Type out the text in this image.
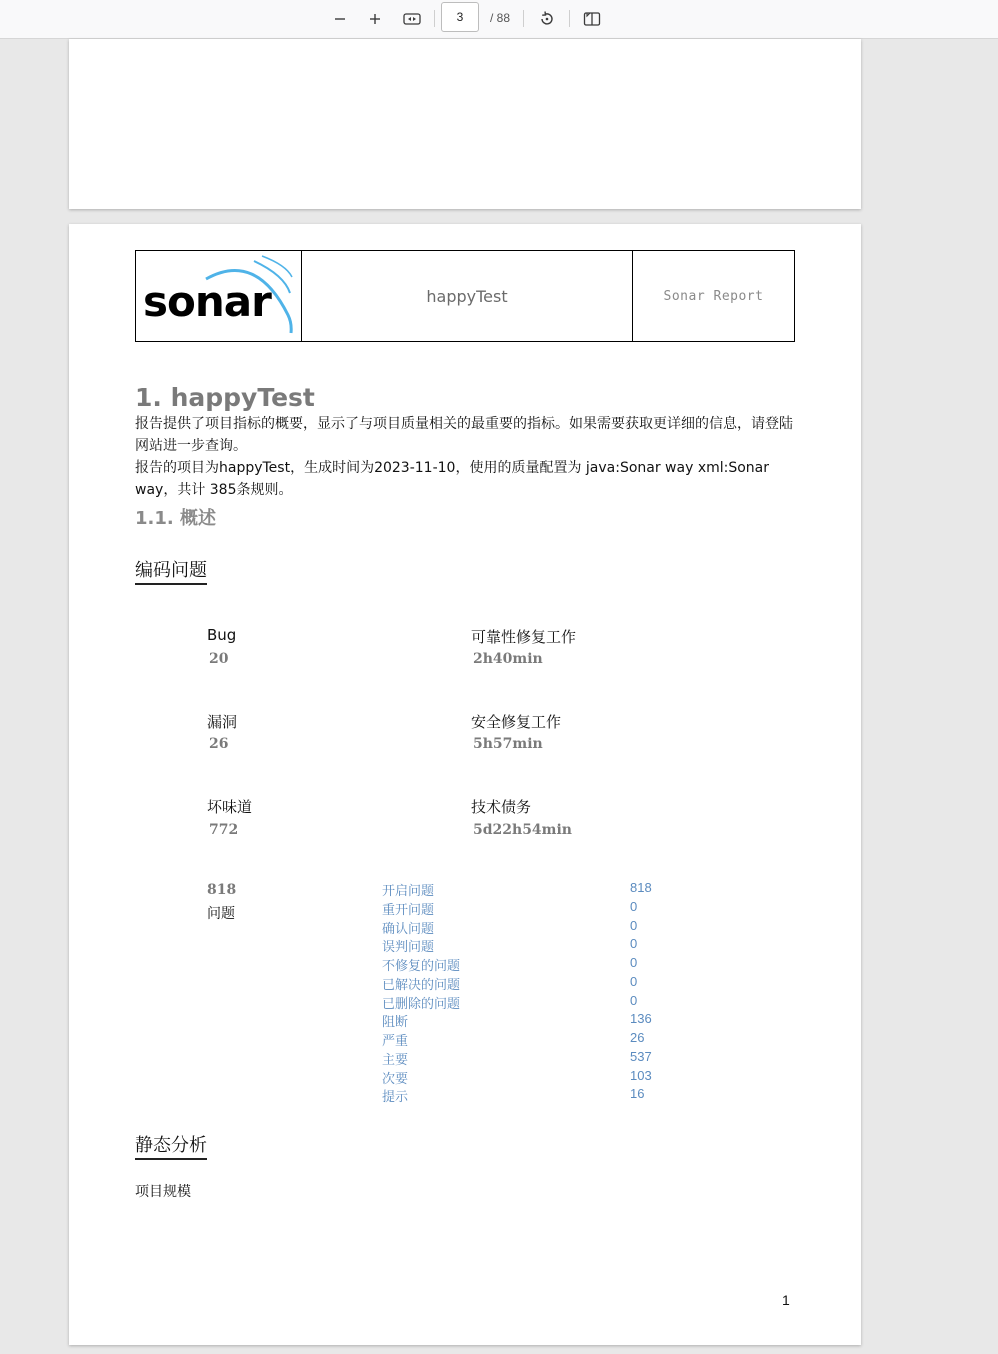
3
/ 88
sonar	happyTest	Sonar Report
1. happyTest
报告提供了项目指标的概要，显示了与项目质量相关的最重要的指标。如果需要获取更详细的信息，请登陆网站进一步查询。
报告的项目为happyTest，生成时间为2023-11-10，使用的质量配置为 java:Sonar way xml:Sonar way，共计 385条规则。
1.1. 概述
编码问题
Bug
20
可靠性修复工作
2h40min
漏洞
26
安全修复工作
5h57min
坏味道
772
技术债务
5d22h54min
818
问题
开启问题	818
重开问题	0
确认问题	0
误判问题	0
不修复的问题	0
已解决的问题	0
已删除的问题	0
阻断	136
严重	26
主要	537
次要	103
提示	16
静态分析
项目规模
1
